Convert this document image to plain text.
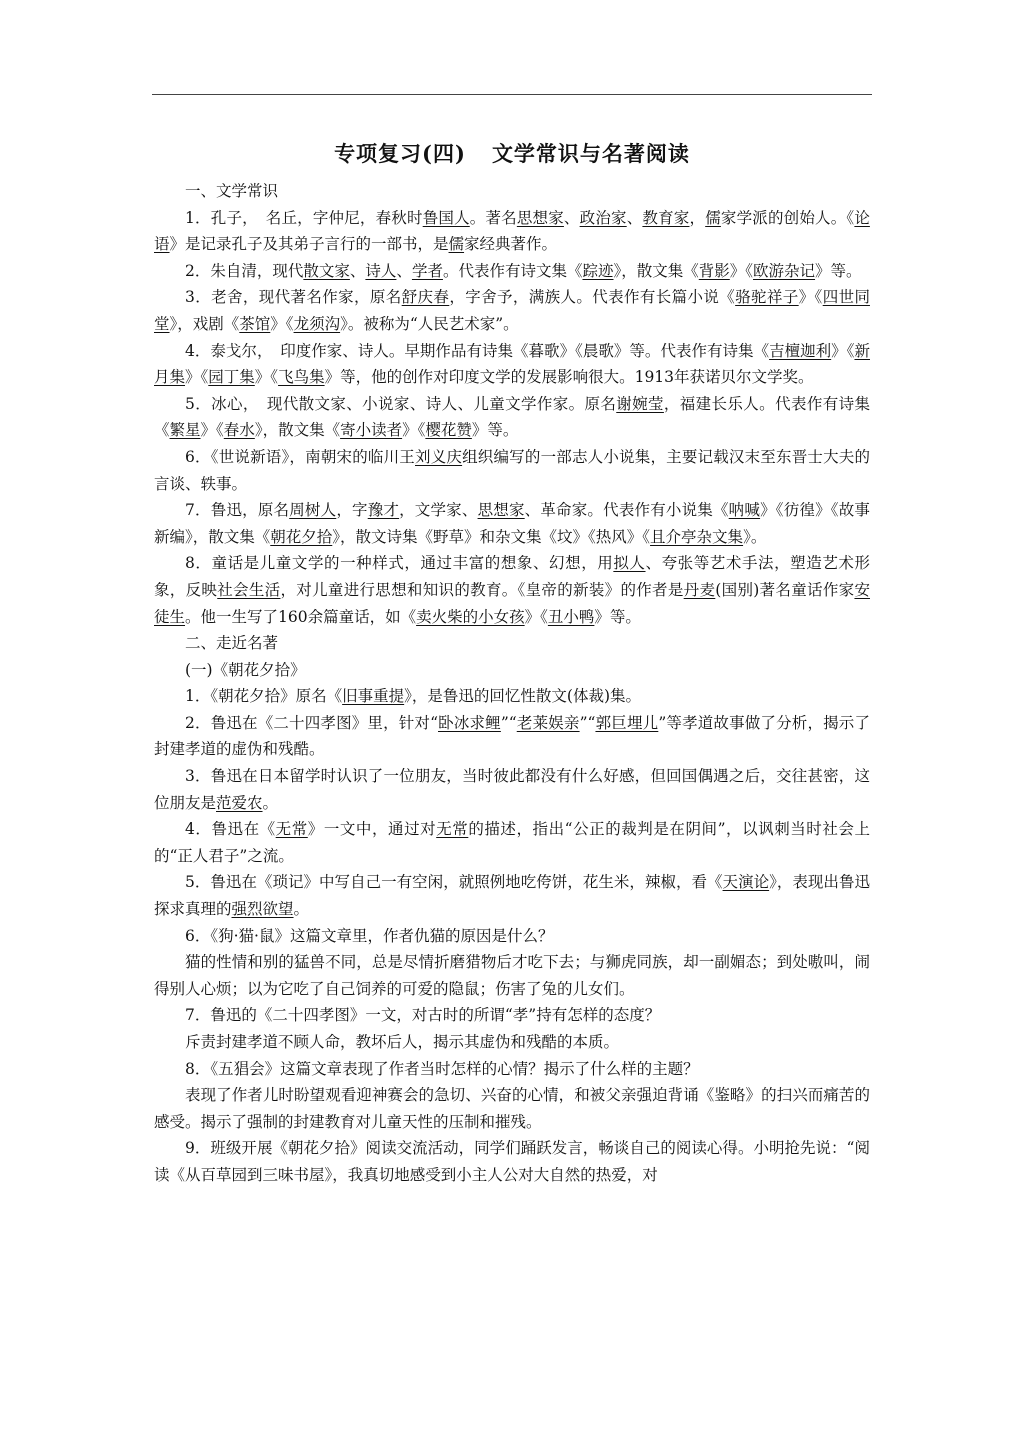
专项复习(四) 文学常识与名著阅读

一、文学常识

1．孔子，　名丘，字仲尼，春秋时鲁国人。著名思想家、政治家、教育家，儒家学派的创始人。《论语》是记录孔子及其弟子言行的一部书，是儒家经典著作。

2．朱自清，现代散文家、诗人、学者。代表作有诗文集《踪迹》，散文集《背影》《欧游杂记》等。

3．老舍，现代著名作家，原名舒庆春，字舍予，满族人。代表作有长篇小说《骆驼祥子》《四世同堂》，戏剧《茶馆》《龙须沟》。被称为“人民艺术家”。

4．泰戈尔，　印度作家、诗人。早期作品有诗集《暮歌》《晨歌》等。代表作有诗集《吉檀迦利》《新月集》《园丁集》《飞鸟集》等，他的创作对印度文学的发展影响很大。1913年获诺贝尔文学奖。

5．冰心，　现代散文家、小说家、诗人、儿童文学作家。原名谢婉莹，福建长乐人。代表作有诗集《繁星》《春水》，散文集《寄小读者》《樱花赞》等。

6．《世说新语》，南朝宋的临川王刘义庆组织编写的一部志人小说集，主要记载汉末至东晋士大夫的言谈、轶事。

7．鲁迅，原名周树人，字豫才，文学家、思想家、革命家。代表作有小说集《呐喊》《彷徨》《故事新编》，散文集《朝花夕拾》，散文诗集《野草》和杂文集《坟》《热风》《且介亭杂文集》。

8．童话是儿童文学的一种样式，通过丰富的想象、幻想，用拟人、夸张等艺术手法，塑造艺术形象，反映社会生活，对儿童进行思想和知识的教育。《皇帝的新装》的作者是丹麦(国别)著名童话作家安徒生。他一生写了160余篇童话，如《卖火柴的小女孩》《丑小鸭》等。

二、走近名著

(一)《朝花夕拾》

1．《朝花夕拾》原名《旧事重提》，是鲁迅的回忆性散文(体裁)集。

2．鲁迅在《二十四孝图》里，针对“卧冰求鲤”“老莱娱亲”“郭巨埋儿”等孝道故事做了分析，揭示了封建孝道的虚伪和残酷。

3．鲁迅在日本留学时认识了一位朋友，当时彼此都没有什么好感，但回国偶遇之后，交往甚密，这位朋友是范爱农。

4．鲁迅在《无常》一文中，通过对无常的描述，指出“公正的裁判是在阴间”，以讽刺当时社会上的“正人君子”之流。

5．鲁迅在《琐记》中写自己一有空闲，就照例地吃侉饼，花生米，辣椒，看《天演论》，表现出鲁迅探求真理的强烈欲望。

6．《狗·猫·鼠》这篇文章里，作者仇猫的原因是什么？

猫的性情和别的猛兽不同，总是尽情折磨猎物后才吃下去；与狮虎同族，却一副媚态；到处嗷叫，闹得别人心烦；以为它吃了自己饲养的可爱的隐鼠；伤害了兔的儿女们。

7．鲁迅的《二十四孝图》一文，对古时的所谓“孝”持有怎样的态度？

斥责封建孝道不顾人命，教坏后人，揭示其虚伪和残酷的本质。

8．《五猖会》这篇文章表现了作者当时怎样的心情？揭示了什么样的主题？

表现了作者儿时盼望观看迎神赛会的急切、兴奋的心情，和被父亲强迫背诵《鉴略》的扫兴而痛苦的感受。揭示了强制的封建教育对儿童天性的压制和摧残。

9．班级开展《朝花夕拾》阅读交流活动，同学们踊跃发言，畅谈自己的阅读心得。小明抢先说：“阅读《从百草园到三味书屋》，我真切地感受到小主人公对大自然的热爱，对
